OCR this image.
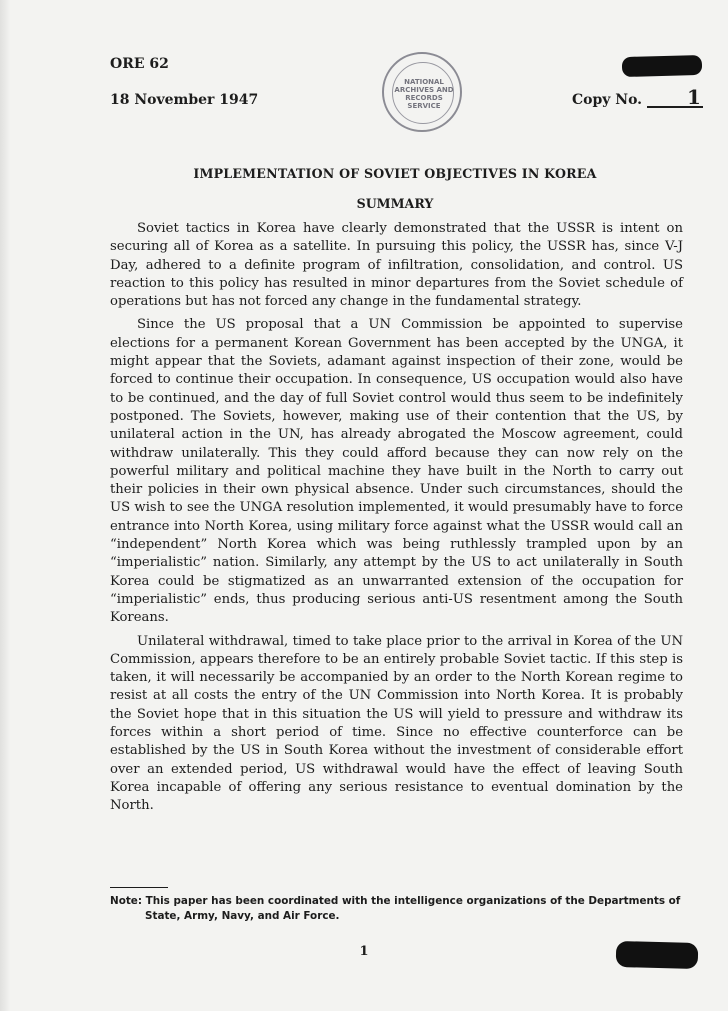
ORE 62
18 November 1947
NATIONAL
ARCHIVES AND
RECORDS
SERVICE	Copy No. 1
IMPLEMENTATION OF SOVIET OBJECTIVES IN KOREA
SUMMARY

Soviet tactics in Korea have clearly demonstrated that the USSR is intent on securing all of Korea as a satellite. In pursuing this policy, the USSR has, since V-J Day, adhered to a definite program of infiltration, consolidation, and control. US reaction to this policy has resulted in minor departures from the Soviet schedule of operations but has not forced any change in the fundamental strategy.

Since the US proposal that a UN Commission be appointed to supervise elections for a permanent Korean Government has been accepted by the UNGA, it might appear that the Soviets, adamant against inspection of their zone, would be forced to continue their occupation. In consequence, US occupation would also have to be continued, and the day of full Soviet control would thus seem to be indefinitely postponed. The Soviets, however, making use of their contention that the US, by unilateral action in the UN, has already abrogated the Moscow agreement, could withdraw unilaterally. This they could afford because they can now rely on the powerful military and political machine they have built in the North to carry out their policies in their own physical absence. Under such circumstances, should the US wish to see the UNGA resolution implemented, it would presumably have to force entrance into North Korea, using military force against what the USSR would call an “independent” North Korea which was being ruthlessly trampled upon by an “imperialistic” nation. Similarly, any attempt by the US to act unilaterally in South Korea could be stigmatized as an unwarranted extension of the occupation for “imperialistic” ends, thus producing serious anti-US resentment among the South Koreans.

Unilateral withdrawal, timed to take place prior to the arrival in Korea of the UN Commission, appears therefore to be an entirely probable Soviet tactic. If this step is taken, it will necessarily be accompanied by an order to the North Korean regime to resist at all costs the entry of the UN Commission into North Korea. It is probably the Soviet hope that in this situation the US will yield to pressure and withdraw its forces within a short period of time. Since no effective counterforce can be established by the US in South Korea without the investment of considerable effort over an extended period, US withdrawal would have the effect of leaving South Korea incapable of offering any serious resistance to eventual domination by the North.

Note: This paper has been coordinated with the intelligence organizations of the Departments of
State, Army, Navy, and Air Force.
1
